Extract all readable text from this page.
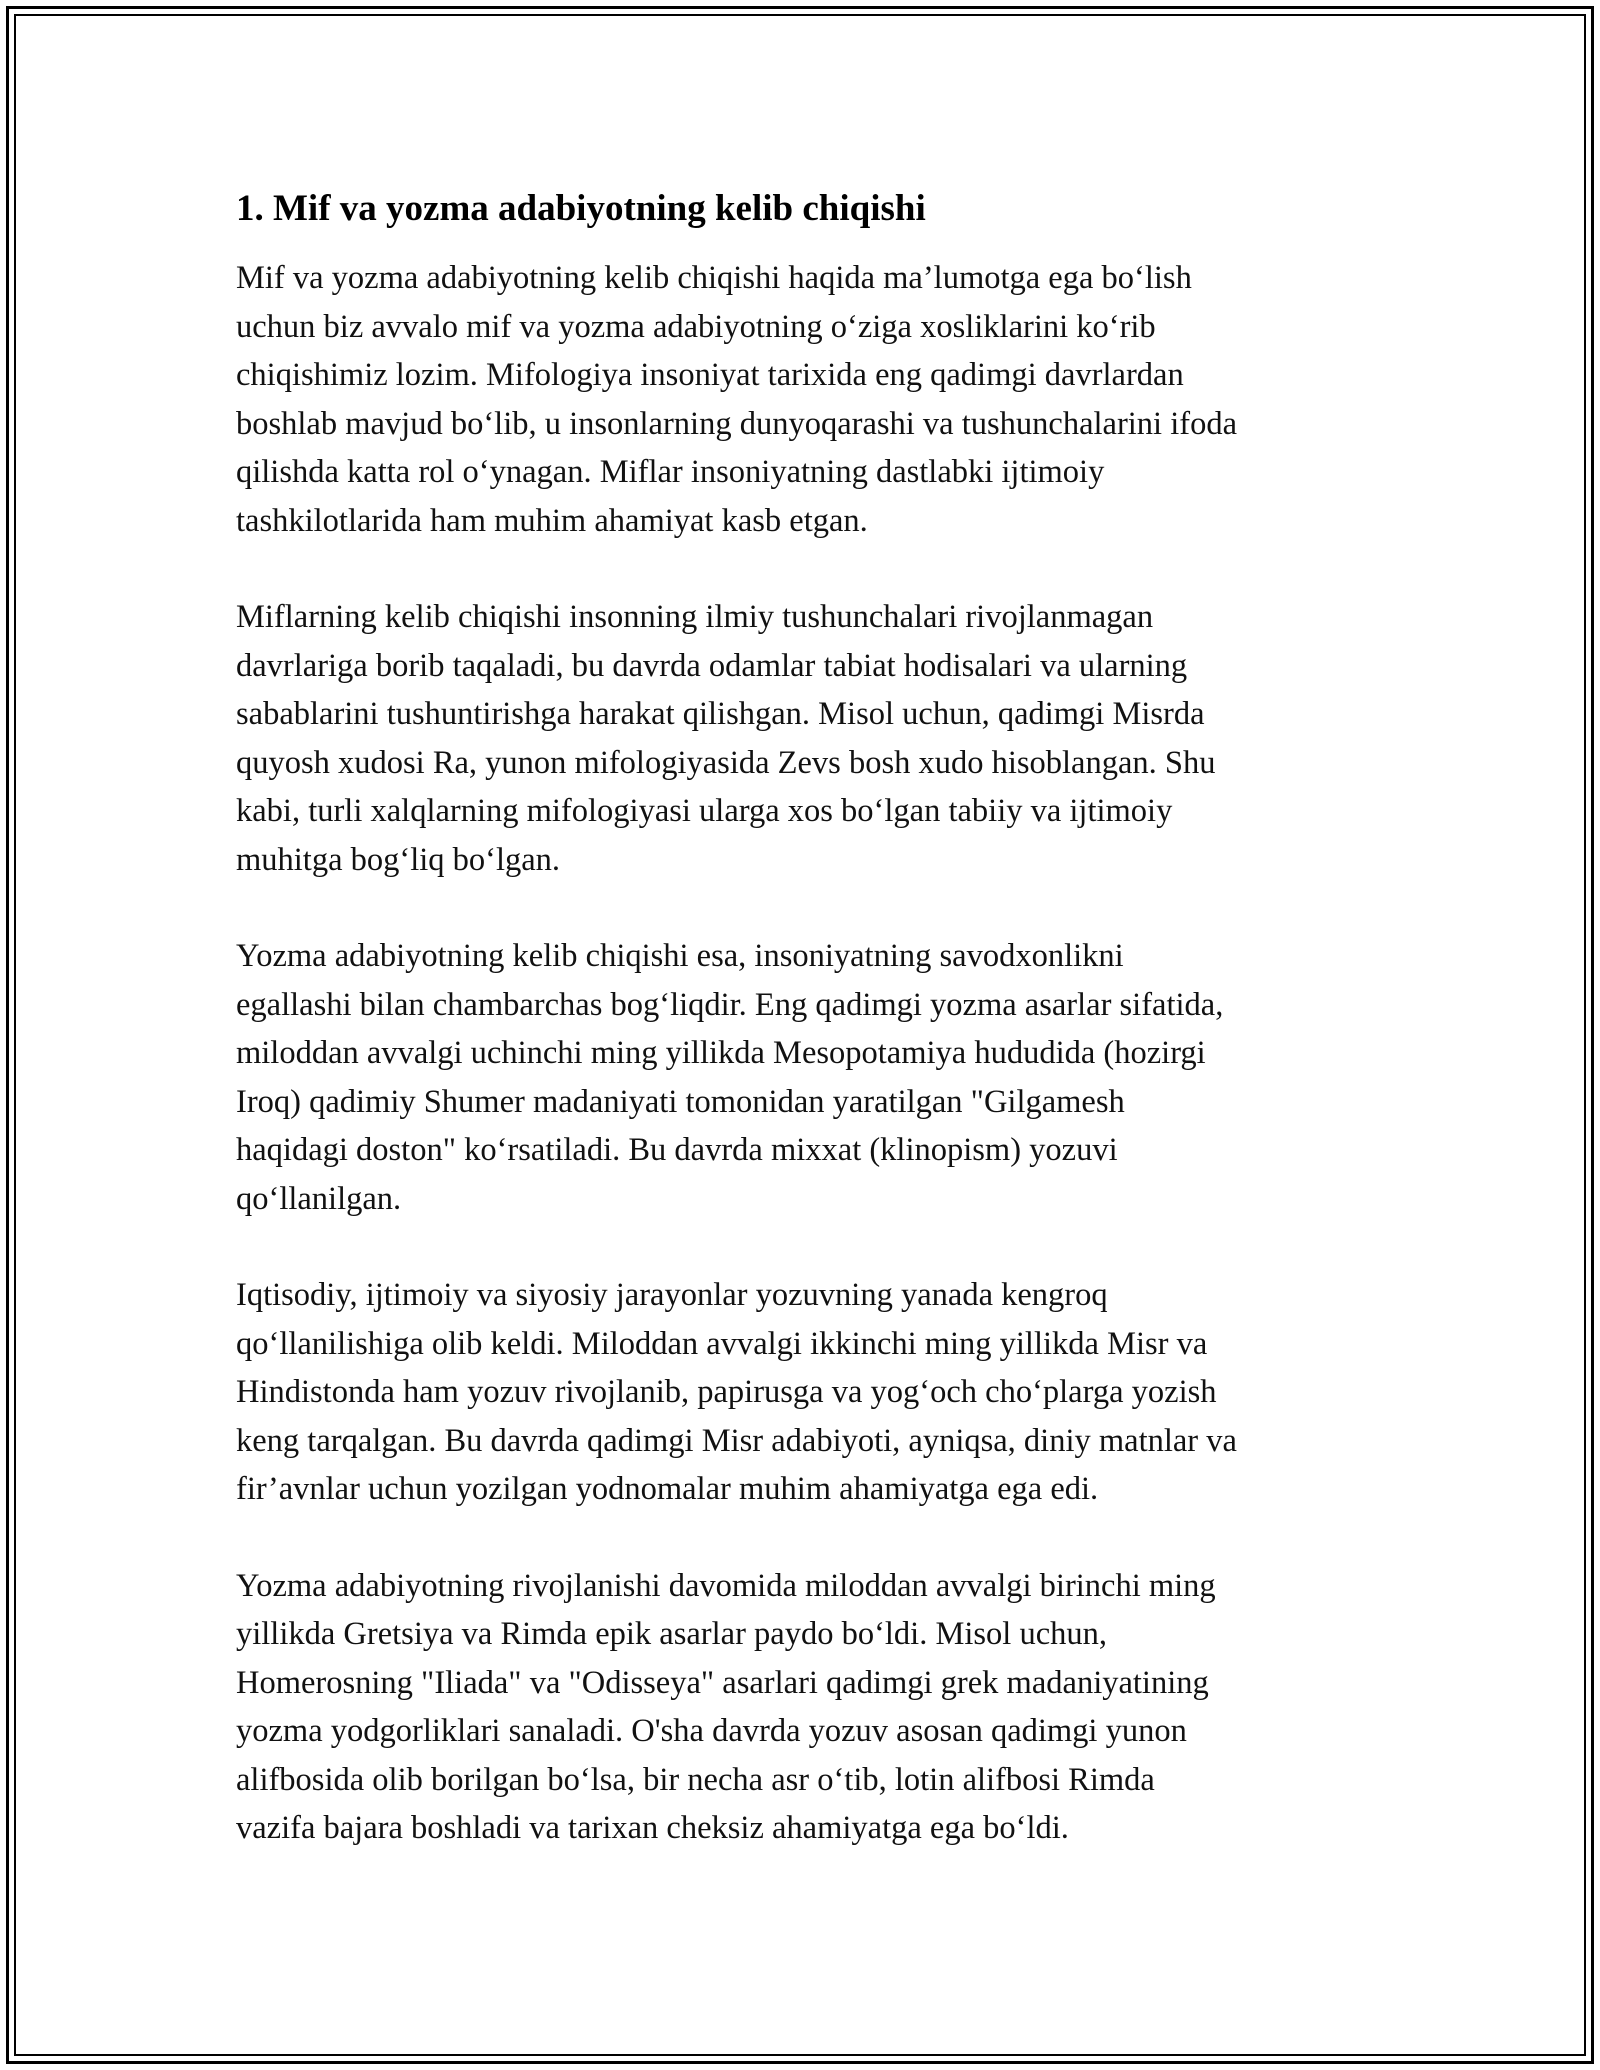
1. Mif va yozma adabiyotning kelib chiqishi

Mif va yozma adabiyotning kelib chiqishi haqida ma’lumotga ega bo‘lish
uchun biz avvalo mif va yozma adabiyotning o‘ziga xosliklarini ko‘rib
chiqishimiz lozim. Mifologiya insoniyat tarixida eng qadimgi davrlardan
boshlab mavjud bo‘lib, u insonlarning dunyoqarashi va tushunchalarini ifoda
qilishda katta rol o‘ynagan. Miflar insoniyatning dastlabki ijtimoiy
tashkilotlarida ham muhim ahamiyat kasb etgan.

Miflarning kelib chiqishi insonning ilmiy tushunchalari rivojlanmagan
davrlariga borib taqaladi, bu davrda odamlar tabiat hodisalari va ularning
sabablarini tushuntirishga harakat qilishgan. Misol uchun, qadimgi Misrda
quyosh xudosi Ra, yunon mifologiyasida Zevs bosh xudo hisoblangan. Shu
kabi, turli xalqlarning mifologiyasi ularga xos bo‘lgan tabiiy va ijtimoiy
muhitga bog‘liq bo‘lgan.

Yozma adabiyotning kelib chiqishi esa, insoniyatning savodxonlikni
egallashi bilan chambarchas bog‘liqdir. Eng qadimgi yozma asarlar sifatida,
miloddan avvalgi uchinchi ming yillikda Mesopotamiya hududida (hozirgi
Iroq) qadimiy Shumer madaniyati tomonidan yaratilgan "Gilgamesh
haqidagi doston" ko‘rsatiladi. Bu davrda mixxat (klinopism) yozuvi
qo‘llanilgan.

Iqtisodiy, ijtimoiy va siyosiy jarayonlar yozuvning yanada kengroq
qo‘llanilishiga olib keldi. Miloddan avvalgi ikkinchi ming yillikda Misr va
Hindistonda ham yozuv rivojlanib, papirusga va yog‘och cho‘plarga yozish
keng tarqalgan. Bu davrda qadimgi Misr adabiyoti, ayniqsa, diniy matnlar va
fir’avnlar uchun yozilgan yodnomalar muhim ahamiyatga ega edi.

Yozma adabiyotning rivojlanishi davomida miloddan avvalgi birinchi ming
yillikda Gretsiya va Rimda epik asarlar paydo bo‘ldi. Misol uchun,
Homerosning "Iliada" va "Odisseya" asarlari qadimgi grek madaniyatining
yozma yodgorliklari sanaladi. O'sha davrda yozuv asosan qadimgi yunon
alifbosida olib borilgan bo‘lsa, bir necha asr o‘tib, lotin alifbosi Rimda
vazifa bajara boshladi va tarixan cheksiz ahamiyatga ega bo‘ldi.
